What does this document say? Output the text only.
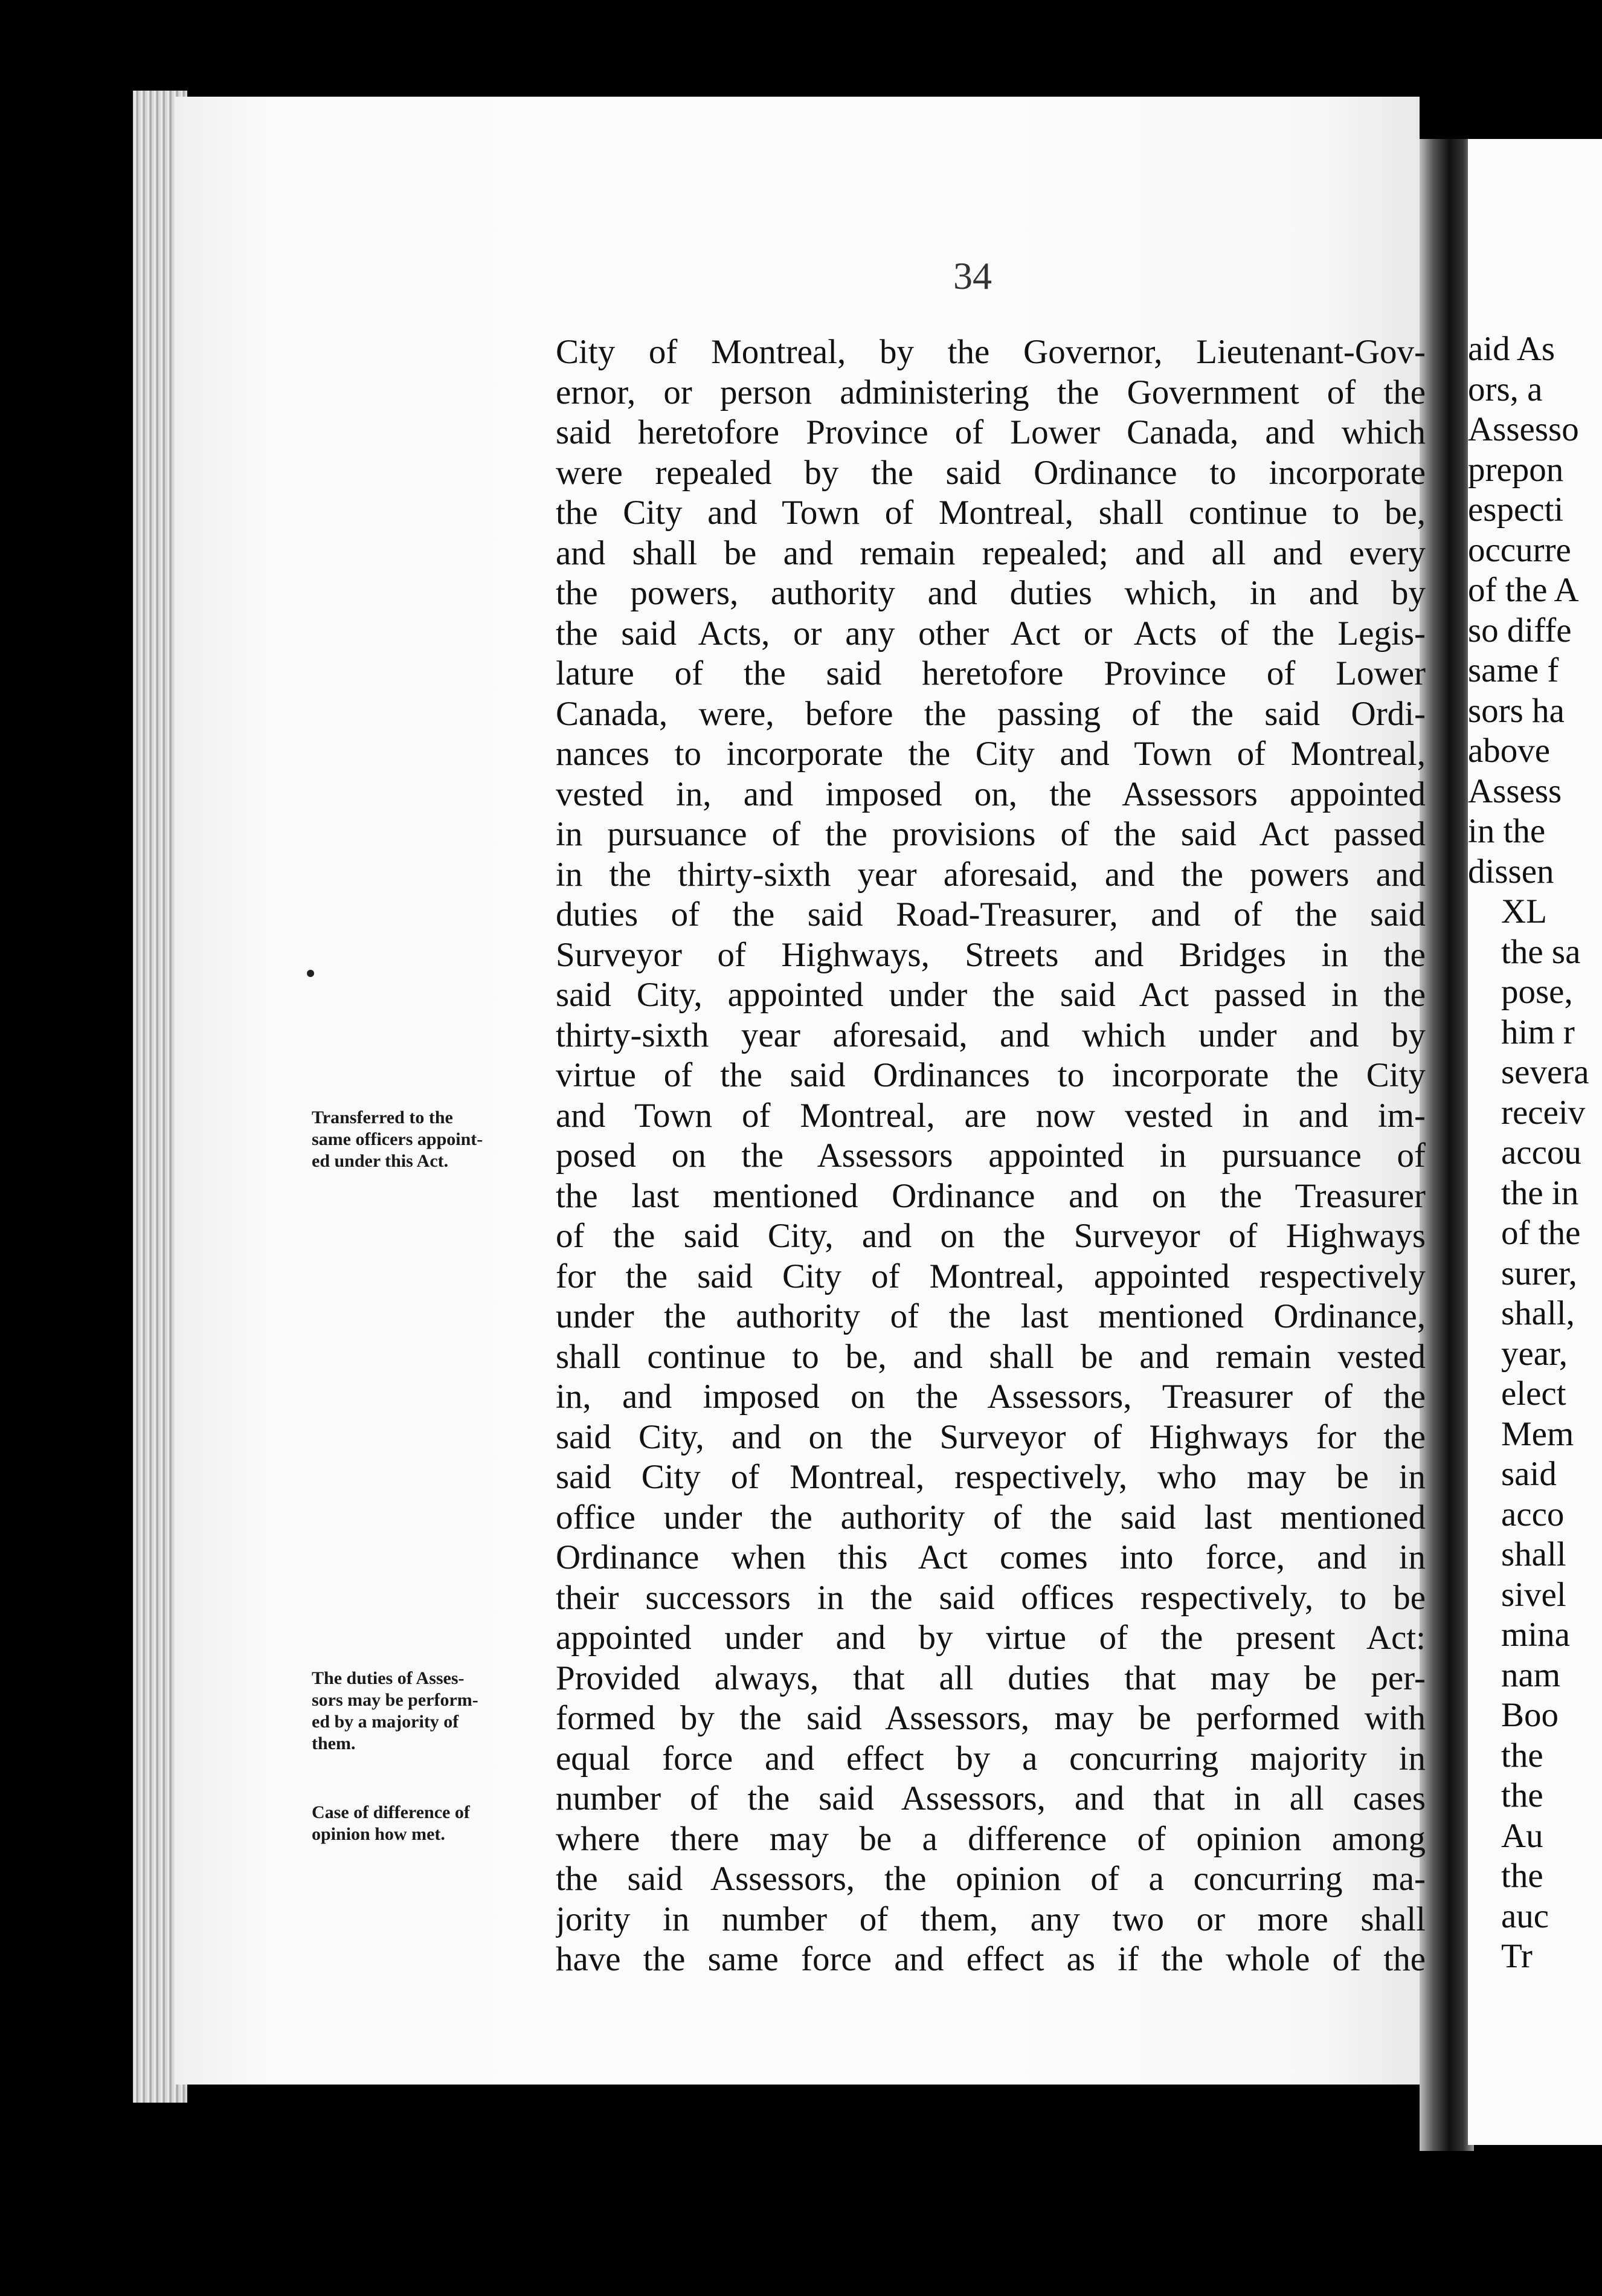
aid As
ors, a
Assesso
prepon
especti
occurre
of the A
so diffe
same f
sors ha
above
Assess
in the
dissen
XL
the sa
pose,
him r
severa
receiv
accou
the in
of the
surer,
shall,
year,
elect
Mem
said
acco
shall
sivel
mina
nam
Boo
the
the
Au
the
auc
Tr
34
City of Montreal, by the Governor, Lieutenant-Gov-
ernor, or person administering the Government of the
said heretofore Province of Lower Canada, and which
were repealed by the said Ordinance to incorporate
the City and Town of Montreal, shall continue to be,
and shall be and remain repealed; and all and every
the powers, authority and duties which, in and by
the said Acts, or any other Act or Acts of the Legis-
lature of the said heretofore Province of Lower
Canada, were, before the passing of the said Ordi-
nances to incorporate the City and Town of Montreal,
vested in, and imposed on, the Assessors appointed
in pursuance of the provisions of the said Act passed
in the thirty-sixth year aforesaid, and the powers and
duties of the said Road-Treasurer, and of the said
Surveyor of Highways, Streets and Bridges in the
said City, appointed under the said Act passed in the
thirty-sixth year aforesaid, and which under and by
virtue of the said Ordinances to incorporate the City
and Town of Montreal, are now vested in and im-
posed on the Assessors appointed in pursuance of
the last mentioned Ordinance and on the Treasurer
of the said City, and on the Surveyor of Highways
for the said City of Montreal, appointed respectively
under the authority of the last mentioned Ordinance,
shall continue to be, and shall be and remain vested
in, and imposed on the Assessors, Treasurer of the
said City, and on the Surveyor of Highways for the
said City of Montreal, respectively, who may be in
office under the authority of the said last mentioned
Ordinance when this Act comes into force, and in
their successors in the said offices respectively, to be
appointed under and by virtue of the present Act:
Provided always, that all duties that may be per-
formed by the said Assessors, may be performed with
equal force and effect by a concurring majority in
number of the said Assessors, and that in all cases
where there may be a difference of opinion among
the said Assessors, the opinion of a concurring ma-
jority in number of them, any two or more shall
have the same force and effect as if the whole of the
Transferred to the
same officers appoint-
ed under this Act.
The duties of Asses-
sors may be perform-
ed by a majority of
them.
Case of difference of
opinion how met.
